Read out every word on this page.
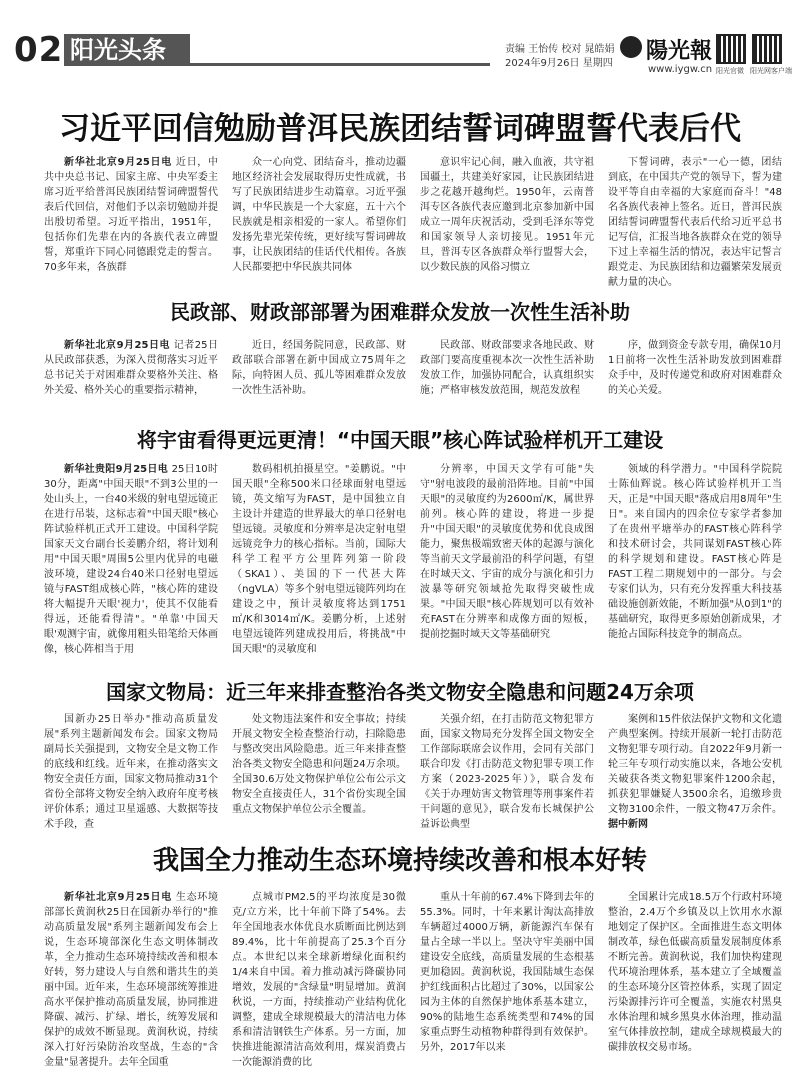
02 阳光头条	责编 王怡传 校对 晁皓娟
2024年9月26日 星期四 陽光報
www.iygw.cn 阳光官微 阳光网客户端
习近平回信勉励普洱民族团结誓词碑盟誓代表后代

新华社北京9月25日电 近日，中共中央总书记、国家主席、中央军委主席习近平给普洱民族团结誓词碑盟誓代表后代回信，对他们予以亲切勉励并提出殷切希望。习近平指出，1951年，包括你们先辈在内的各族代表立碑盟誓，郑重许下同心同德跟党走的誓言。70多年来，各族群

众一心向党、团结奋斗，推动边疆地区经济社会发展取得历史性成就，书写了民族团结进步生动篇章。习近平强调，中华民族是一个大家庭，五十六个民族就是相亲相爱的一家人。希望你们发扬先辈光荣传统，更好续写誓词碑故事，让民族团结的佳话代代相传。各族人民都要把中华民族共同体

意识牢记心间，融入血液，共守祖国疆土，共建美好家园，让民族团结进步之花越开越绚烂。1950年，云南普洱专区各族代表应邀到北京参加新中国成立一周年庆祝活动，受到毛泽东等党和国家领导人亲切接见。1951年元旦，普洱专区各族群众举行盟誓大会，以少数民族的风俗习惯立

下誓词碑，表示"一心一德，团结到底，在中国共产党的领导下，誓为建设平等自由幸福的大家庭而奋斗！"48名各族代表神上签名。近日，普洱民族团结誓词碑盟誓代表后代给习近平总书记写信，汇报当地各族群众在党的领导下过上幸福生活的情况，表达牢记誓言跟党走、为民族团结和边疆繁荣发展贡献力量的决心。

民政部、财政部部署为困难群众发放一次性生活补助

新华社北京9月25日电 记者25日从民政部获悉，为深入贯彻落实习近平总书记关于对困难群众要格外关注、格外关爱、格外关心的重要指示精神，

近日，经国务院同意，民政部、财政部联合部署在新中国成立75周年之际，向特困人员、孤儿等困难群众发放一次性生活补助。

民政部、财政部要求各地民政、财政部门要高度重视本次一次性生活补助发放工作，加强协同配合，认真组织实施；严格审核发放范围，规范发放程

序，做到资金专款专用，确保10月1日前将一次性生活补助发放到困难群众手中，及时传递党和政府对困难群众的关心关爱。

将宇宙看得更远更清！“中国天眼”核心阵试验样机开工建设

新华社贵阳9月25日电 25日10时30分，距离"中国天眼"不到3公里的一处山头上，一台40米级的射电望远镜正在进行吊装，这标志着"中国天眼"核心阵试验样机正式开工建设。中国科学院国家天文台副台长姜鹏介绍，将计划利用"中国天眼"周围5公里内优异的电磁波环境，建设24台40米口径射电望远镜与FAST组成核心阵，"核心阵的建设将大幅提升天眼'视力'，使其不仅能看得远，还能看得清"。"单靠'中国天眼'观测宇宙，就像用粗头铅笔给天体画像，核心阵相当于用

数码相机拍摄星空。"姜鹏说。"中国天眼"全称500米口径球面射电望远镜，英文缩写为FAST，是中国独立自主设计并建造的世界最大的单口径射电望远镜。灵敏度和分辨率是决定射电望远镜竞争力的核心指标。当前，国际大科学工程平方公里阵列第一阶段（SKA1）、美国的下一代甚大阵（ngVLA）等多个射电望远镜阵列均在建设之中，预计灵敏度将达到1751㎡/K和3014㎡/K。姜鹏分析，上述射电望远镜阵列建成投用后，将挑战"中国天眼"的灵敏度和

分辨率，中国天文学有可能"失守"射电波段的最前沿阵地。目前"中国天眼"的灵敏度约为2600㎡/K，属世界前列。核心阵的建设，将进一步提升"中国天眼"的灵敏度优势和优良成图能力，聚焦极端致密天体的起源与演化等当前天文学最前沿的科学问题，有望在时域天文、宇宙的成分与演化和引力波暴等研究领域抢先取得突破性成果。"中国天眼"核心阵规划可以有效补充FAST在分辨率和成像方面的短板，提前挖掘时域天文等基础研究

领域的科学潜力。"中国科学院院士陈仙辉说。核心阵试验样机开工当天，正是"中国天眼"落成启用8周年"生日"。来自国内的四余位专家学者参加了在贵州平塘举办的FAST核心阵科学和技术研讨会，共同谋划FAST核心阵的科学规划和建设。FAST核心阵是FAST工程二期规划中的一部分。与会专家们认为，只有充分发挥重大科技基础设施创新效能，不断加强"从0到1"的基础研究，取得更多原始创新成果，才能抢占国际科技竞争的制高点。

国家文物局：近三年来排查整治各类文物安全隐患和问题24万余项

国新办25日举办"推动高质量发展"系列主题新闻发布会。国家文物局副局长关强提到，文物安全是文物工作的底线和红线。近年来，在推动落实文物安全责任方面，国家文物局推动31个省份全部将文物安全纳入政府年度考核评价体系；通过卫星遥感、大数据等技术手段，查

处文物违法案件和安全事故；持续开展文物安全检查整治行动，扫除隐患与整改突出风险隐患。近三年来排查整治各类文物安全隐患和问题24万余项。全国30.6万处文物保护单位公布公示文物安全直接责任人，31个省份实现全国重点文物保护单位公示全覆盖。

关强介绍，在打击防范文物犯罪方面，国家文物局充分发挥全国文物安全工作部际联席会议作用，会同有关部门联合印发《打击防范文物犯罪专项工作方案（2023-2025年）》，联合发布《关于办理妨害文物管理等刑事案件若干问题的意见》，联合发布长城保护公益诉讼典型

案例和15件依法保护文物和文化遗产典型案例。持续开展新一轮打击防范文物犯罪专项行动。自2022年9月新一轮三年专项行动实施以来，各地公安机关破获各类文物犯罪案件1200余起，抓获犯罪嫌疑人3500余名，追缴珍贵文物3100余件，一般文物47万余件。 据中新网

我国全力推动生态环境持续改善和根本好转

新华社北京9月25日电 生态环境部部长黄润秋25日在国新办举行的"推动高质量发展"系列主题新闻发布会上说，生态环境部深化生态文明体制改革，全力推动生态环境持续改善和根本好转，努力建设人与自然和谐共生的美丽中国。近年来，生态环境部统筹推进高水平保护推动高质量发展，协同推进降碳、减污、扩绿、增长，统筹发展和保护的成效不断显现。黄润秋说，持续深入打好污染防治攻坚战，生态的"含金量"显著提升。去年全国重

点城市PM2.5的平均浓度是30微克/立方米，比十年前下降了54%。去年全国地表水体优良水质断面比例达到89.4%，比十年前提高了25.3个百分点。本世纪以来全球新增绿化面积约1/4来自中国。着力推动减污降碳协同增效，发展的"含绿量"明显增加。黄润秋说，一方面，持续推动产业结构优化调整，建成全球规模最大的清洁电力体系和清洁钢铁生产体系。另一方面，加快推进能源清洁高效利用，煤炭消费占一次能源消费的比

重从十年前的67.4%下降到去年的55.3%。同时，十年来累计淘汰高排放车辆超过4000万辆，新能源汽车保有量占全球一半以上。坚决守牢美丽中国建设安全底线，高质量发展的生态根基更加稳固。黄润秋说，我国陆域生态保护红线面积占比超过了30%，以国家公园为主体的自然保护地体系基本建立，90%的陆地生态系统类型和74%的国家重点野生动植物种群得到有效保护。另外，2017年以来

全国累计完成18.5万个行政村环境整治，2.4万个乡镇及以上饮用水水源地划定了保护区。全面推进生态文明体制改革，绿色低碳高质量发展制度体系不断完善。黄润秋说，我们加快构建现代环境治理体系，基本建立了全域覆盖的生态环境分区管控体系，实现了固定污染源排污许可全覆盖，实施农村黑臭水体治理和城乡黑臭水体治理，推动温室气体排放控制，建成全球规模最大的碳排放权交易市场。
